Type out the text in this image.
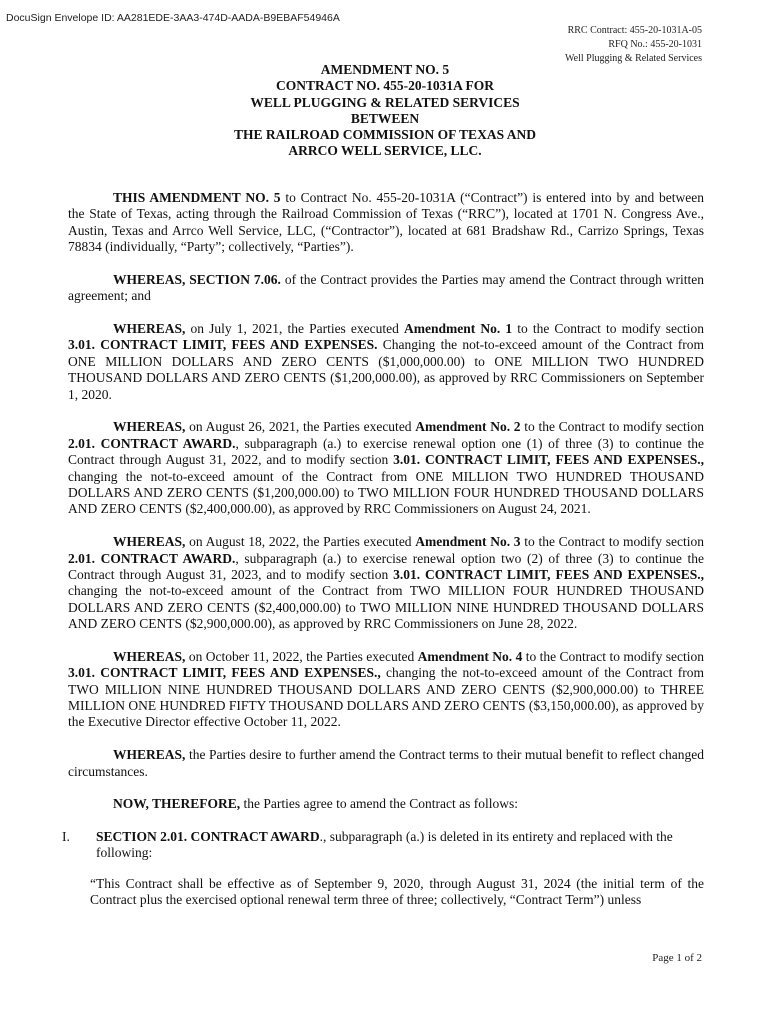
DocuSign Envelope ID: AA281EDE-3AA3-474D-AADA-B9EBAF54946A
RRC Contract: 455-20-1031A-05
RFQ No.: 455-20-1031
Well Plugging & Related Services
AMENDMENT NO. 5
CONTRACT NO. 455-20-1031A FOR
WELL PLUGGING & RELATED SERVICES
BETWEEN
THE RAILROAD COMMISSION OF TEXAS AND
ARRCO WELL SERVICE, LLC.

THIS AMENDMENT NO. 5 to Contract No. 455-20-1031A (“Contract”) is entered into by and between the State of Texas, acting through the Railroad Commission of Texas (“RRC”), located at 1701 N. Congress Ave., Austin, Texas and Arrco Well Service, LLC, (“Contractor”), located at 681 Bradshaw Rd., Carrizo Springs, Texas 78834 (individually, “Party”; collectively, “Parties”).

WHEREAS, SECTION 7.06. of the Contract provides the Parties may amend the Contract through written agreement; and

WHEREAS, on July 1, 2021, the Parties executed Amendment No. 1 to the Contract to modify section 3.01. CONTRACT LIMIT, FEES AND EXPENSES. Changing the not-to-exceed amount of the Contract from ONE MILLION DOLLARS AND ZERO CENTS ($1,000,000.00) to ONE MILLION TWO HUNDRED THOUSAND DOLLARS AND ZERO CENTS ($1,200,000.00), as approved by RRC Commissioners on September 1, 2020.

WHEREAS, on August 26, 2021, the Parties executed Amendment No. 2 to the Contract to modify section 2.01. CONTRACT AWARD., subparagraph (a.) to exercise renewal option one (1) of three (3) to continue the Contract through August 31, 2022, and to modify section 3.01. CONTRACT LIMIT, FEES AND EXPENSES., changing the not-to-exceed amount of the Contract from ONE MILLION TWO HUNDRED THOUSAND DOLLARS AND ZERO CENTS ($1,200,000.00) to TWO MILLION FOUR HUNDRED THOUSAND DOLLARS AND ZERO CENTS ($2,400,000.00), as approved by RRC Commissioners on August 24, 2021.

WHEREAS, on August 18, 2022, the Parties executed Amendment No. 3 to the Contract to modify section 2.01. CONTRACT AWARD., subparagraph (a.) to exercise renewal option two (2) of three (3) to continue the Contract through August 31, 2023, and to modify section 3.01. CONTRACT LIMIT, FEES AND EXPENSES., changing the not-to-exceed amount of the Contract from TWO MILLION FOUR HUNDRED THOUSAND DOLLARS AND ZERO CENTS ($2,400,000.00) to TWO MILLION NINE HUNDRED THOUSAND DOLLARS AND ZERO CENTS ($2,900,000.00), as approved by RRC Commissioners on June 28, 2022.

WHEREAS, on October 11, 2022, the Parties executed Amendment No. 4 to the Contract to modify section 3.01. CONTRACT LIMIT, FEES AND EXPENSES., changing the not-to-exceed amount of the Contract from TWO MILLION NINE HUNDRED THOUSAND DOLLARS AND ZERO CENTS ($2,900,000.00) to THREE MILLION ONE HUNDRED FIFTY THOUSAND DOLLARS AND ZERO CENTS ($3,150,000.00), as approved by the Executive Director effective October 11, 2022.

WHEREAS, the Parties desire to further amend the Contract terms to their mutual benefit to reflect changed circumstances.

NOW, THEREFORE, the Parties agree to amend the Contract as follows:

I. SECTION 2.01. CONTRACT AWARD., subparagraph (a.) is deleted in its entirety and replaced with the following:

“This Contract shall be effective as of September 9, 2020, through August 31, 2024 (the initial term of the Contract plus the exercised optional renewal term three of three; collectively, “Contract Term”) unless

Page 1 of 2
